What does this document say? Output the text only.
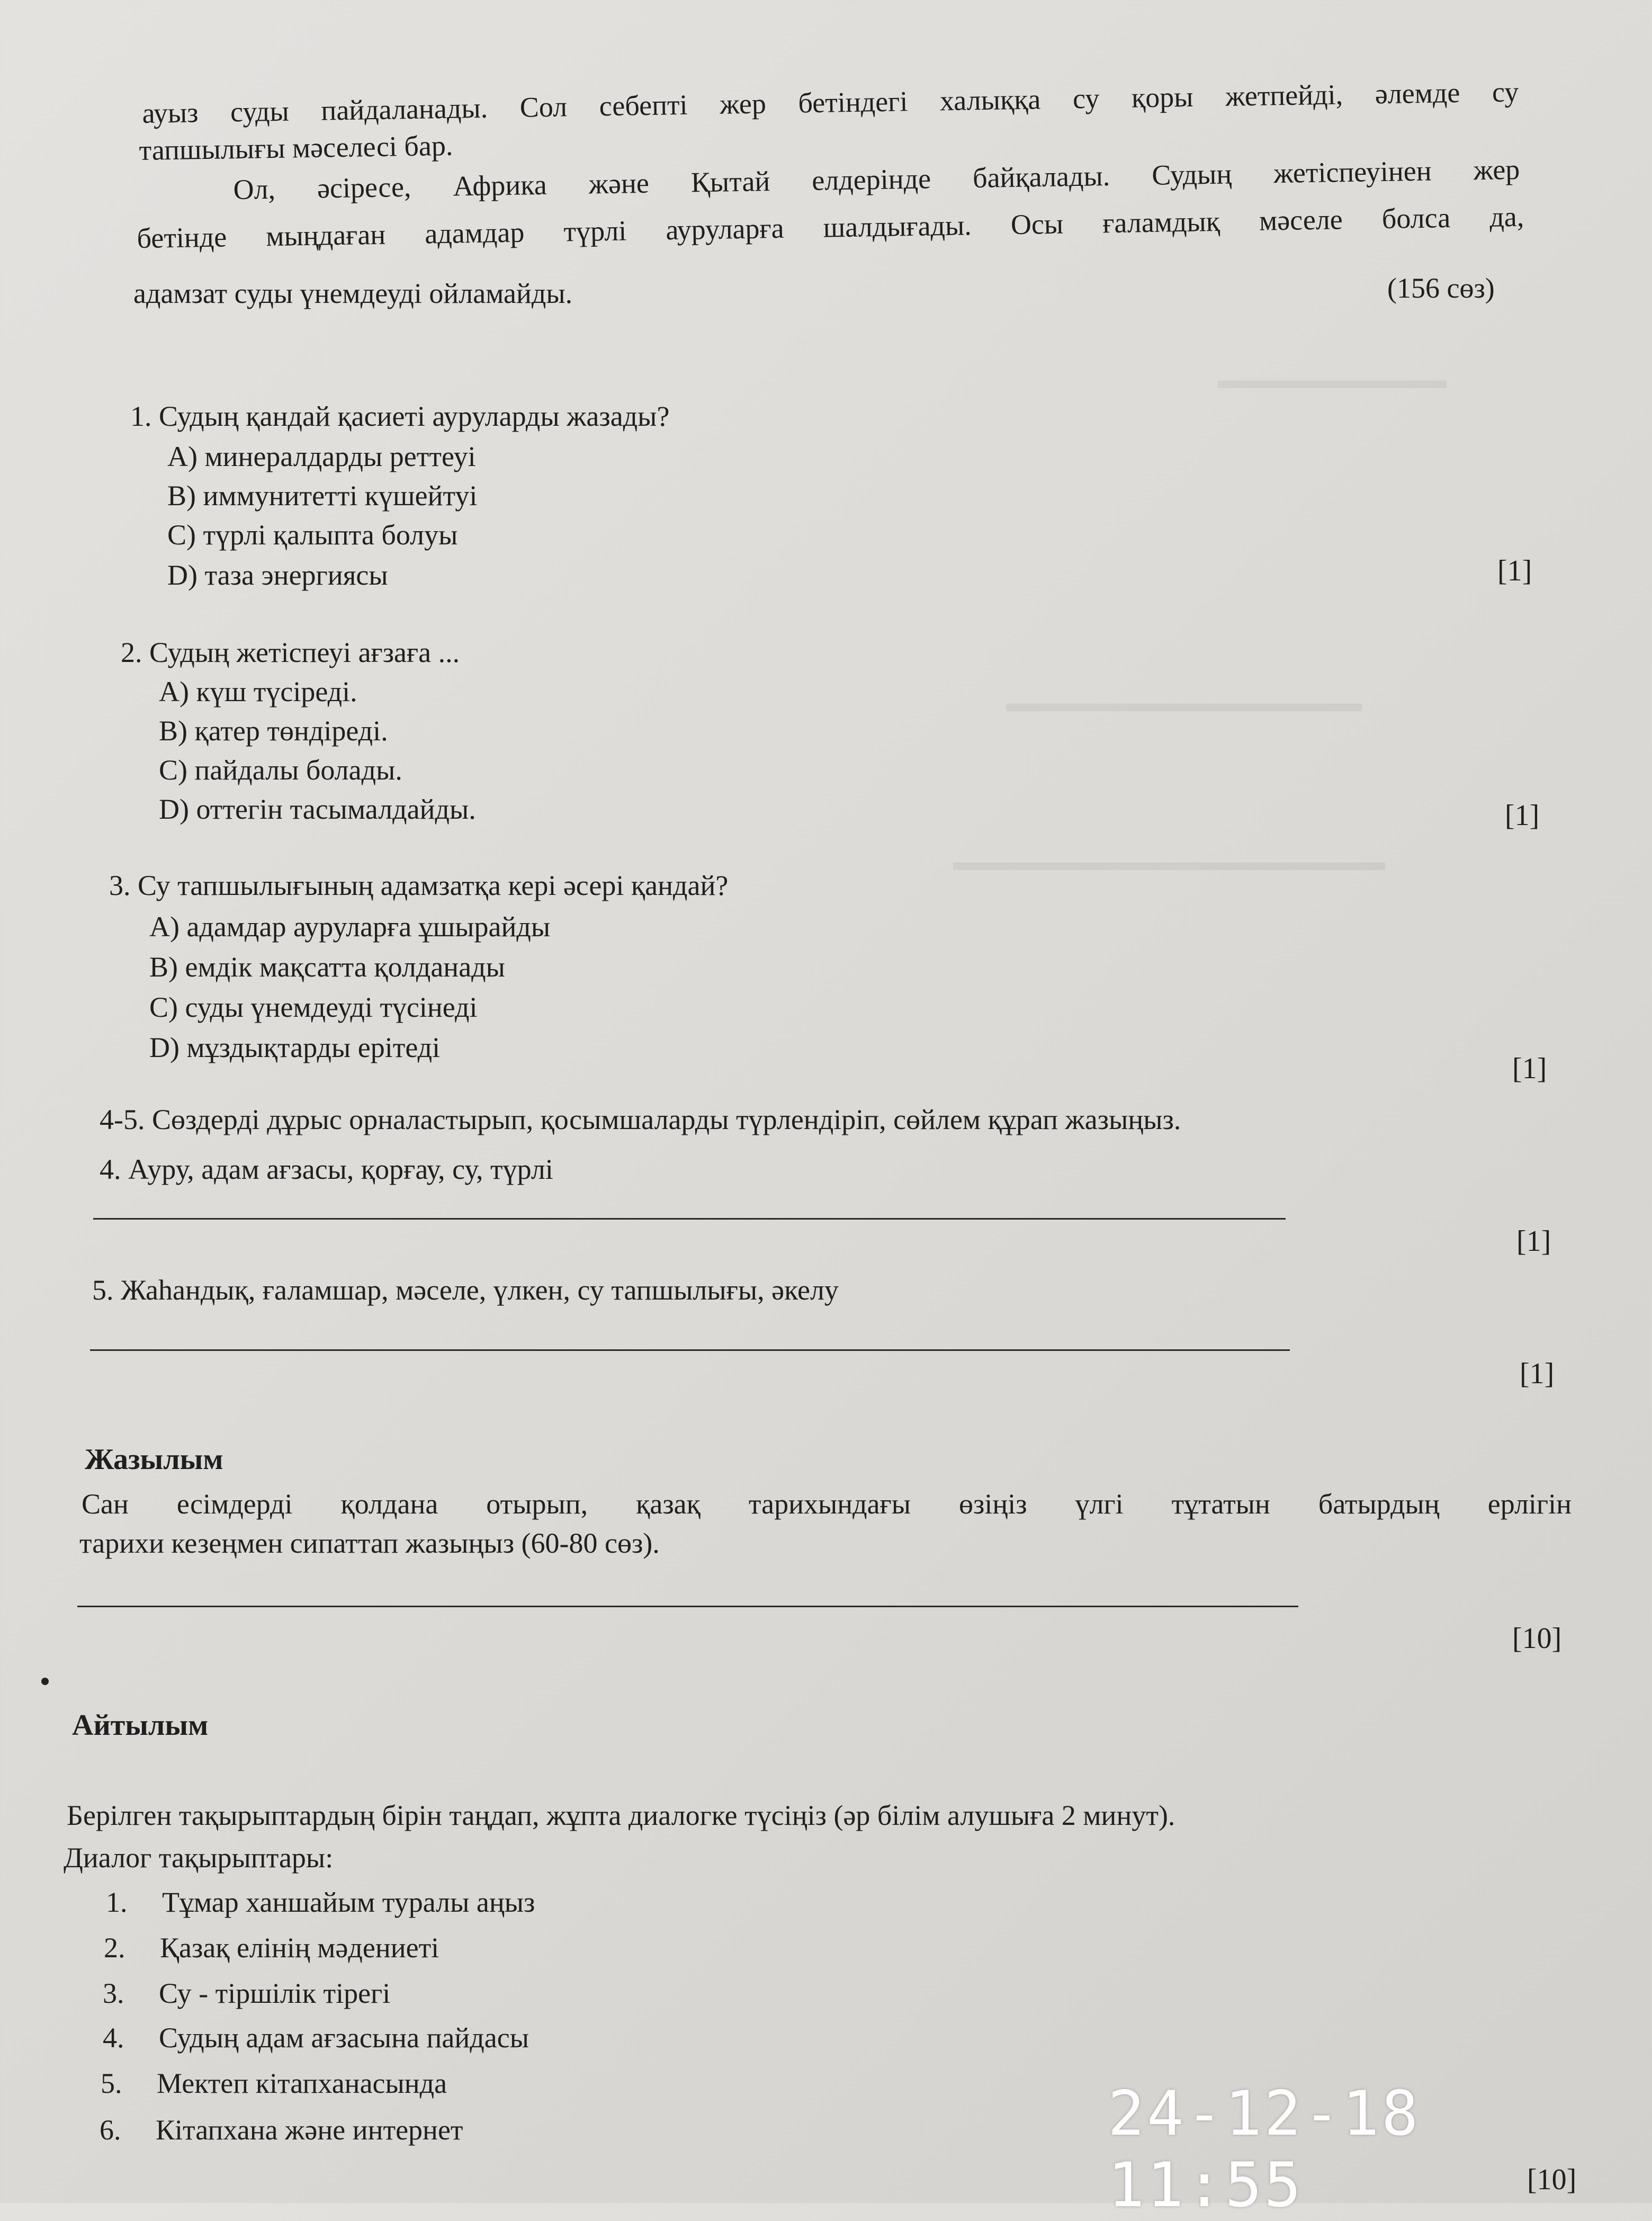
▬▬▬▬▬▬▬▬▬
▬▬▬▬▬▬▬▬▬▬▬▬▬▬
▬▬▬▬▬▬▬▬▬▬▬▬▬▬▬▬▬

ауыз суды пайдаланады. Сол себепті жер бетіндегі халыққа су қоры жетпейді, әлемде су

тапшылығы мәселесі бар.

Ол, әсіресе, Африка және Қытай елдерінде байқалады. Судың жетіспеуінен жер

бетінде мыңдаған адамдар түрлі ауруларға шалдығады. Осы ғаламдық мәселе болса да,

адамзат суды үнемдеуді ойламайды.	(156 сөз)

1. Судың қандай қасиеті ауруларды жазады?

A) минералдарды реттеуі

B) иммунитетті күшейтуі

C) түрлі қалыпта болуы

D) таза энергиясы	[1]

2. Судың жетіспеуі ағзаға ...

A) күш түсіреді.

B) қатер төндіреді.

C) пайдалы болады.

D) оттегін тасымалдайды.	[1]

3. Су тапшылығының адамзатқа кері әсері қандай?

A) адамдар ауруларға ұшырайды

B) емдік мақсатта қолданады

C) суды үнемдеуді түсінеді

D) мұздықтарды ерітеді

[1]

4-5. Сөздерді дұрыс орналастырып, қосымшаларды түрлендіріп, сөйлем құрап жазыңыз.

4. Ауру, адам ағзасы, қорғау, су, түрлі

[1]

5. Жаһандық, ғаламшар, мәселе, үлкен, су тапшылығы, әкелу

[1]

Жазылым

Сан есімдерді қолдана отырып, қазақ тарихындағы өзіңіз үлгі тұтатын батырдың ерлігін

тарихи кезеңмен сипаттап жазыңыз (60-80 сөз).

[10]

Айтылым

Берілген тақырыптардың бірін таңдап, жұпта диалогке түсіңіз (әр білім алушыға 2 минут).

Диалог тақырыптары:

1. Тұмар ханшайым туралы аңыз

2. Қазақ елінің мәдениеті

3. Су - тіршілік тірегі

4. Судың адам ағзасына пайдасы

5. Мектеп кітапханасында

6. Кітапхана және интернет

[10]

24-12-18 11:55
